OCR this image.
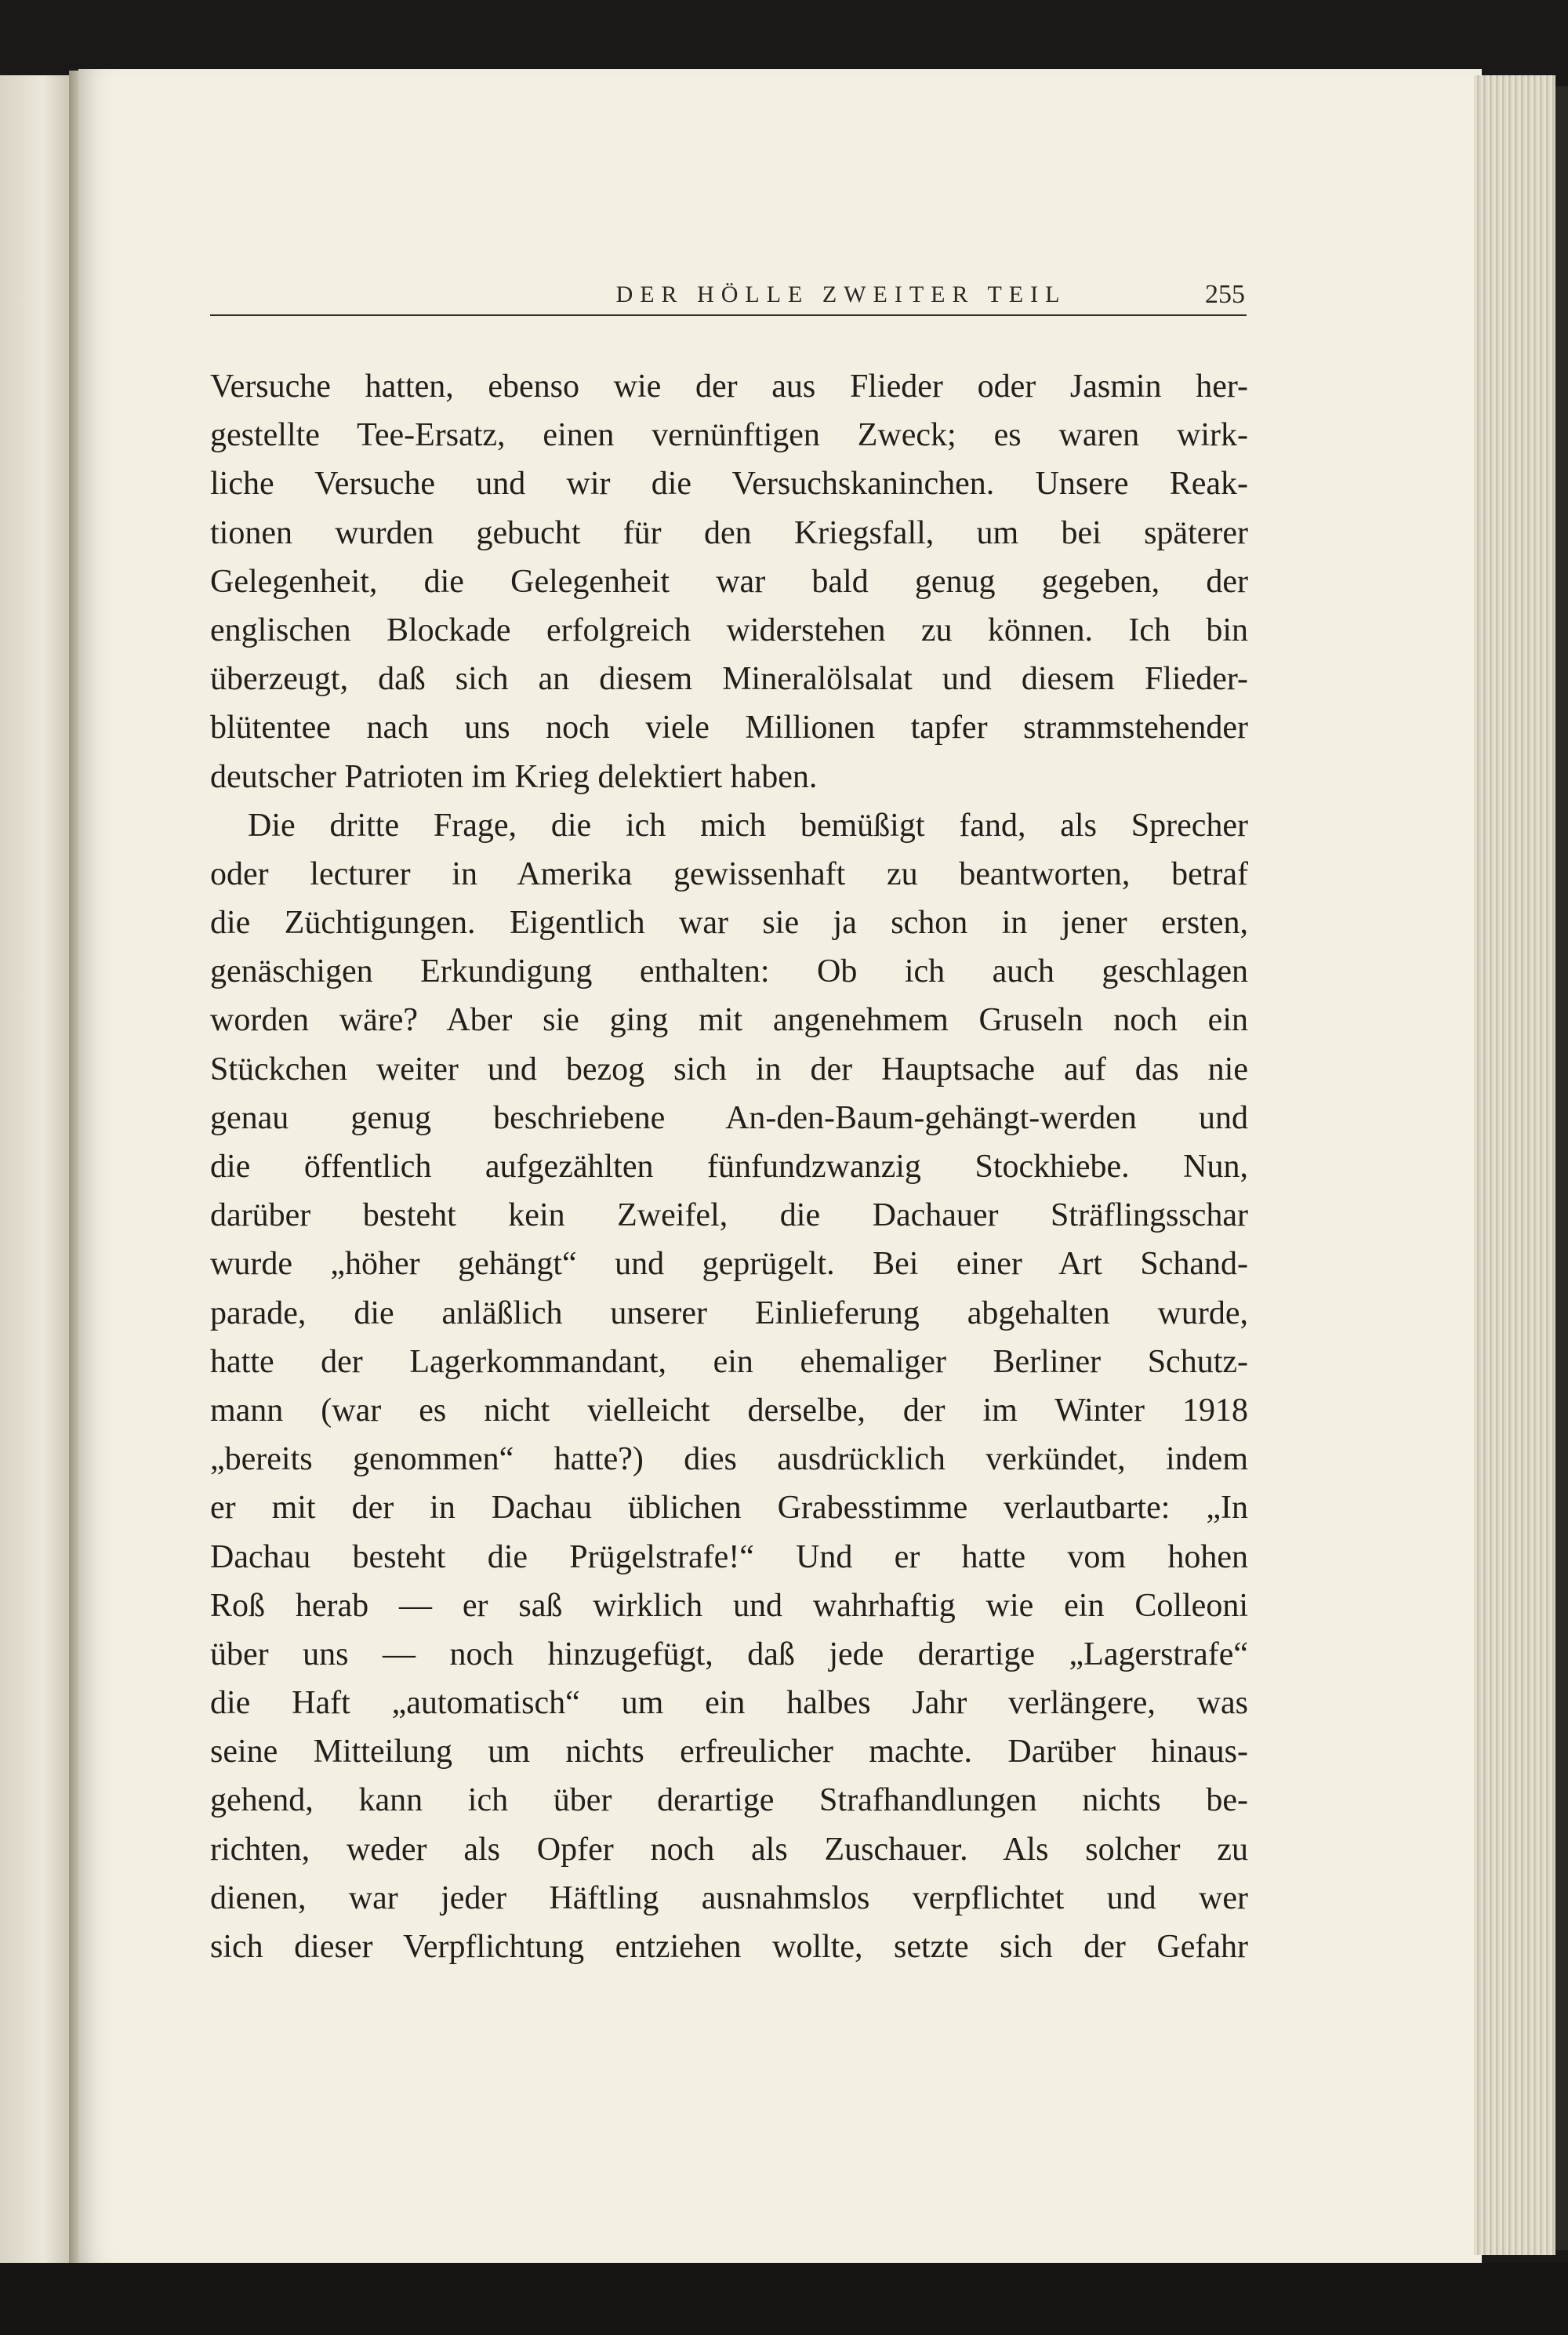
DER HÖLLE ZWEITER TEIL	255
Versuche hatten, ebenso wie der aus Flieder oder Jasmin her-
gestellte Tee-Ersatz, einen vernünftigen Zweck; es waren wirk-
liche Versuche und wir die Versuchskaninchen. Unsere Reak-
tionen wurden gebucht für den Kriegsfall, um bei späterer
Gelegenheit, die Gelegenheit war bald genug gegeben, der
englischen Blockade erfolgreich widerstehen zu können. Ich bin
überzeugt, daß sich an diesem Mineralölsalat und diesem Flieder-
blütentee nach uns noch viele Millionen tapfer strammstehender
deutscher Patrioten im Krieg delektiert haben.
Die dritte Frage, die ich mich bemüßigt fand, als Sprecher
oder lecturer in Amerika gewissenhaft zu beantworten, betraf
die Züchtigungen. Eigentlich war sie ja schon in jener ersten,
genäschigen Erkundigung enthalten: Ob ich auch geschlagen
worden wäre? Aber sie ging mit angenehmem Gruseln noch ein
Stückchen weiter und bezog sich in der Hauptsache auf das nie
genau genug beschriebene An-den-Baum-gehängt-werden und
die öffentlich aufgezählten fünfundzwanzig Stockhiebe. Nun,
darüber besteht kein Zweifel, die Dachauer Sträflingsschar
wurde „höher gehängt“ und geprügelt. Bei einer Art Schand-
parade, die anläßlich unserer Einlieferung abgehalten wurde,
hatte der Lagerkommandant, ein ehemaliger Berliner Schutz-
mann (war es nicht vielleicht derselbe, der im Winter 1918
„bereits genommen“ hatte?) dies ausdrücklich verkündet, indem
er mit der in Dachau üblichen Grabesstimme verlautbarte: „In
Dachau besteht die Prügelstrafe!“ Und er hatte vom hohen
Roß herab — er saß wirklich und wahrhaftig wie ein Colleoni
über uns — noch hinzugefügt, daß jede derartige „Lagerstrafe“
die Haft „automatisch“ um ein halbes Jahr verlängere, was
seine Mitteilung um nichts erfreulicher machte. Darüber hinaus-
gehend, kann ich über derartige Strafhandlungen nichts be-
richten, weder als Opfer noch als Zuschauer. Als solcher zu
dienen, war jeder Häftling ausnahmslos verpflichtet und wer
sich dieser Verpflichtung entziehen wollte, setzte sich der Gefahr
